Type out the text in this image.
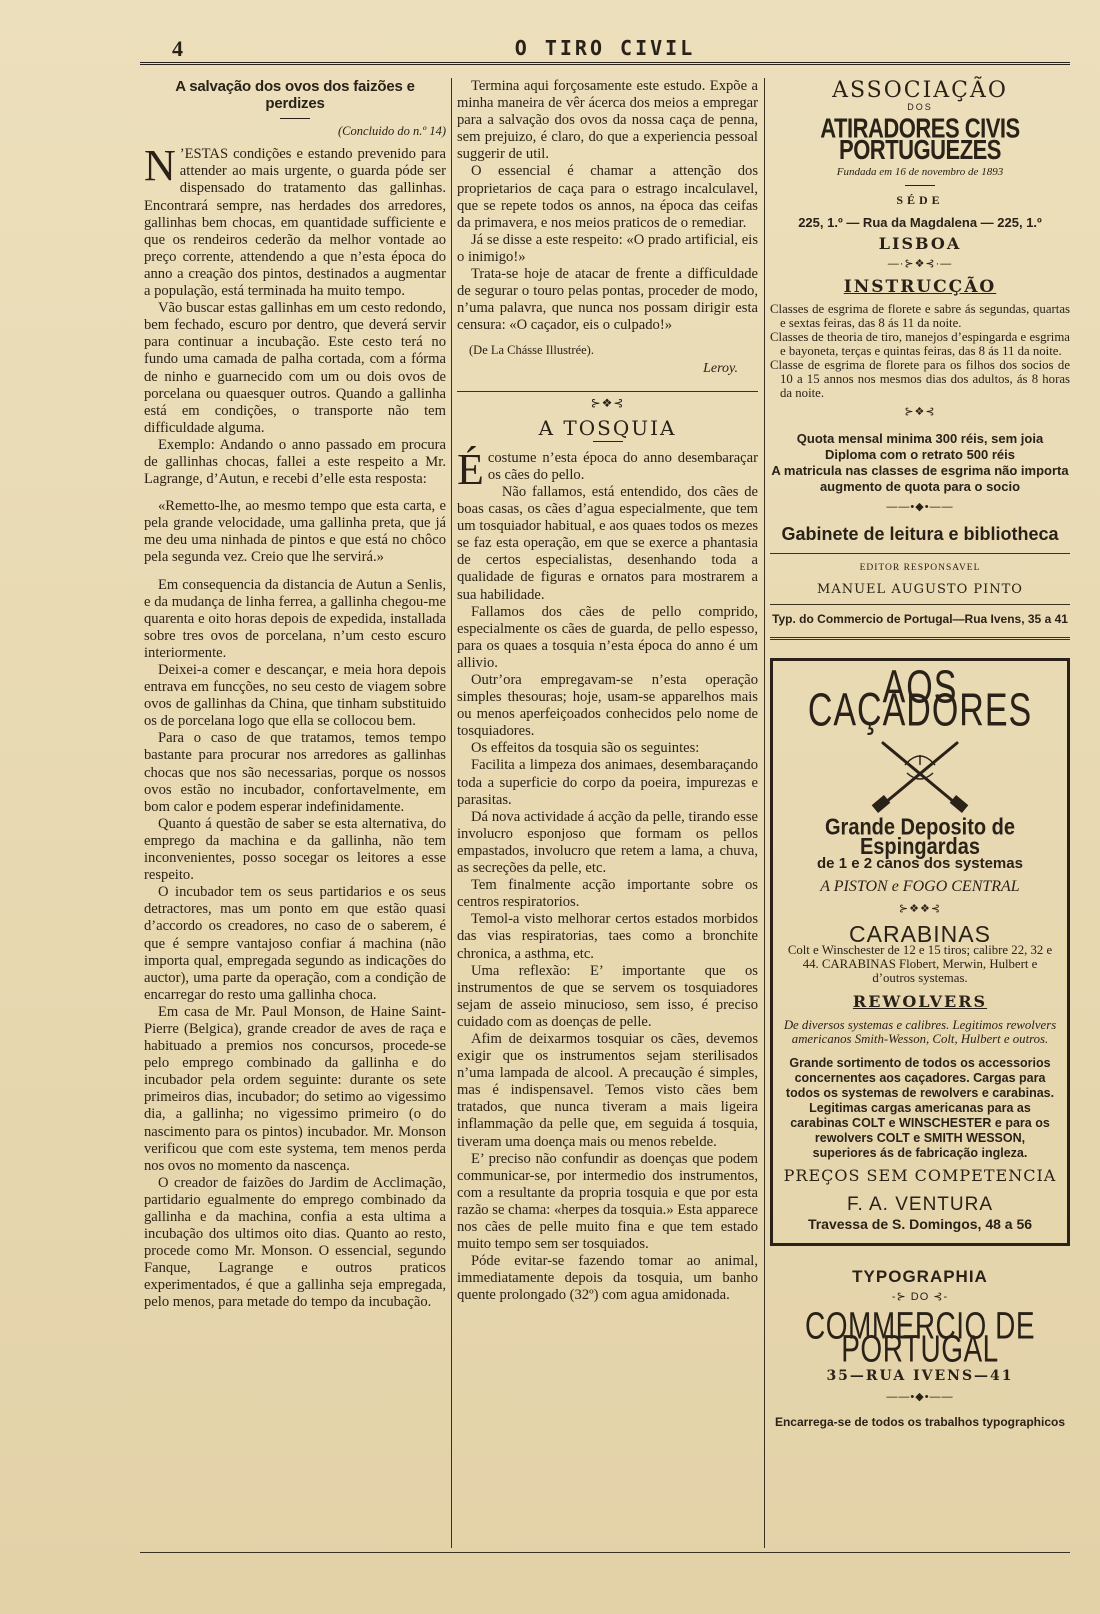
4	O TIRO CIVIL
A salvação dos ovos dos faizões e perdizes
(Concluido do n.º 14)

N ’ESTAS condições e estando prevenido para attender ao mais urgente, o guarda póde ser dispensado do tratamento das gallinhas. Encontrará sempre, nas herdades dos arredores, gallinhas bem chocas, em quantidade sufficiente e que os rendeiros cederão da melhor vontade ao preço corrente, attendendo a que n’esta época do anno a creação dos pintos, destinados a augmentar a população, está terminada ha muito tempo.

Vão buscar estas gallinhas em um cesto redondo, bem fechado, escuro por dentro, que deverá servir para continuar a incubação. Este cesto terá no fundo uma camada de palha cortada, com a fórma de ninho e guarnecido com um ou dois ovos de porcelana ou quaesquer outros. Quando a gallinha está em condições, o transporte não tem difficuldade alguma.

Exemplo: Andando o anno passado em procura de gallinhas chocas, fallei a este respeito a Mr. Lagrange, d’Autun, e recebi d’elle esta resposta:

«Remetto-lhe, ao mesmo tempo que esta carta, e pela grande velocidade, uma gallinha preta, que já me deu uma ninhada de pintos e que está no chôco pela segunda vez. Creio que lhe servirá.»

Em consequencia da distancia de Autun a Senlis, e da mudança de linha ferrea, a gallinha chegou-me quarenta e oito horas depois de expedida, installada sobre tres ovos de porcelana, n’um cesto escuro interiormente.

Deixei-a comer e descançar, e meia hora depois entrava em funcções, no seu cesto de viagem sobre ovos de gallinhas da China, que tinham substituido os de porcelana logo que ella se collocou bem.

Para o caso de que tratamos, temos tempo bastante para procurar nos arredores as gallinhas chocas que nos são necessarias, porque os nossos ovos estão no incubador, confortavelmente, em bom calor e podem esperar indefinidamente.

Quanto á questão de saber se esta alternativa, do emprego da machina e da gallinha, não tem inconvenientes, posso socegar os leitores a esse respeito.

O incubador tem os seus partidarios e os seus detractores, mas um ponto em que estão quasi d’accordo os creadores, no caso de o saberem, é que é sempre vantajoso confiar á machina (não importa qual, empregada segundo as indicações do auctor), uma parte da operação, com a condição de encarregar do resto uma gallinha choca.

Em casa de Mr. Paul Monson, de Haine Saint-Pierre (Belgica), grande creador de aves de raça e habituado a premios nos concursos, procede-se pelo emprego combinado da gallinha e do incubador pela ordem seguinte: durante os sete primeiros dias, incubador; do setimo ao vigessimo dia, a gallinha; no vigessimo primeiro (o do nascimento para os pintos) incubador. Mr. Monson verificou que com este systema, tem menos perda nos ovos no momento da nascença.

O creador de faizões do Jardim de Acclimação, partidario egualmente do emprego combinado da gallinha e da machina, confia a esta ultima a incubação dos ultimos oito dias. Quanto ao resto, procede como Mr. Monson. O essencial, segundo Fanque, Lagrange e outros praticos experimentados, é que a gallinha seja empregada, pelo menos, para metade do tempo da incubação.

Termina aqui forçosamente este estudo. Expõe a minha maneira de vêr ácerca dos meios a empregar para a salvação dos ovos da nossa caça de penna, sem prejuizo, é claro, do que a experiencia pessoal suggerir de util.

O essencial é chamar a attenção dos proprietarios de caça para o estrago incalculavel, que se repete todos os annos, na época das ceifas da primavera, e nos meios praticos de o remediar.

Já se disse a este respeito: «O prado artificial, eis o inimigo!»

Trata-se hoje de atacar de frente a difficuldade de segurar o touro pelas pontas, proceder de modo, n’uma palavra, que nunca nos possam dirigir esta censura: «O caçador, eis o culpado!»

(De La Chásse Illustrée).

Leroy.
⊱❖⊰
A TOSQUIA

Écostume n’esta época do anno desembaraçar os cães do pello.

Não fallamos, está entendido, dos cães de boas casas, os cães d’agua especialmente, que tem um tosquiador habitual, e aos quaes todos os mezes se faz esta operação, em que se exerce a phantasia de certos especialistas, desenhando toda a qualidade de figuras e ornatos para mostrarem a sua habilidade.

Fallamos dos cães de pello comprido, especialmente os cães de guarda, de pello espesso, para os quaes a tosquia n’esta época do anno é um allivio.

Outr’ora empregavam-se n’esta operação simples thesouras; hoje, usam-se apparelhos mais ou menos aperfeiçoados conhecidos pelo nome de tosquiadores.

Os effeitos da tosquia são os seguintes:

Facilita a limpeza dos animaes, desembaraçando toda a superficie do corpo da poeira, impurezas e parasitas.

Dá nova actividade á acção da pelle, tirando esse involucro esponjoso que formam os pellos empastados, involucro que retem a lama, a chuva, as secreções da pelle, etc.

Tem finalmente acção importante sobre os centros respiratorios.

Temol-a visto melhorar certos estados morbidos das vias respiratorias, taes como a bronchite chronica, a asthma, etc.

Uma reflexão: E’ importante que os instrumentos de que se servem os tosquiadores sejam de asseio minucioso, sem isso, é preciso cuidado com as doenças de pelle.

Afim de deixarmos tosquiar os cães, devemos exigir que os instrumentos sejam sterilisados n’uma lampada de alcool. A precaução é simples, mas é indispensavel. Temos visto cães bem tratados, que nunca tiveram a mais ligeira inflammação da pelle que, em seguida á tosquia, tiveram uma doença mais ou menos rebelde.

E’ preciso não confundir as doenças que podem communicar-se, por intermedio dos instrumentos, com a resultante da propria tosquia e que por esta razão se chama: «herpes da tosquia.» Esta apparece nos cães de pelle muito fina e que tem estado muito tempo sem ser tosquiados.

Póde evitar-se fazendo tomar ao animal, immediatamente depois da tosquia, um banho quente prolongado (32º) com agua amidonada.

ASSOCIAÇÃO
DOS
ATIRADORES CIVIS PORTUGUEZES
Fundada em 16 de novembro de 1893
SÉDE
225, 1.º — Rua da Magdalena — 225, 1.º
LISBOA
—·⊱❖⊰·—
INSTRUCÇÃO
Classes de esgrima de florete e sabre ás segundas, quartas e sextas feiras, das 8 ás 11 da noite.
Classes de theoria de tiro, manejos d’espingarda e esgrima e bayoneta, terças e quintas feiras, das 8 ás 11 da noite.
Classe de esgrima de florete para os filhos dos socios de 10 a 15 annos nos mesmos dias dos adultos, ás 8 horas da noite.
⊱❖⊰
Quota mensal minima 300 réis, sem joia
Diploma com o retrato 500 réis
A matricula nas classes de esgrima não importa augmento de quota para o socio
——•◆•——
Gabinete de leitura e bibliotheca
EDITOR RESPONSAVEL
MANUEL AUGUSTO PINTO
Typ. do Commercio de Portugal—Rua Ivens, 35 a 41
AOS CAÇADORES
Grande Deposito de Espingardas
de 1 e 2 canos dos systemas
A PISTON e FOGO CENTRAL
⊱❖❖⊰
CARABINAS
Colt e Winschester de 12 e 15 tiros; calibre 22, 32 e 44. CARABINAS Flobert, Merwin, Hulbert e d’outros systemas.
REWOLVERS
De diversos systemas e calibres. Legitimos rewolvers americanos Smith-Wesson, Colt, Hulbert e outros.
Grande sortimento de todos os accessorios concernentes aos caçadores. Cargas para todos os systemas de rewolvers e carabinas. Legitimas cargas americanas para as carabinas COLT e WINSCHESTER e para os rewolvers COLT e SMITH WESSON, superiores ás de fabricação ingleza.
PREÇOS SEM COMPETENCIA
F. A. VENTURA
Travessa de S. Domingos, 48 a 56
TYPOGRAPHIA
-⊱ DO ⊰-
COMMERCIO DE PORTUGAL
35—RUA IVENS—41
——•◆•——
Encarrega-se de todos os trabalhos typographicos
